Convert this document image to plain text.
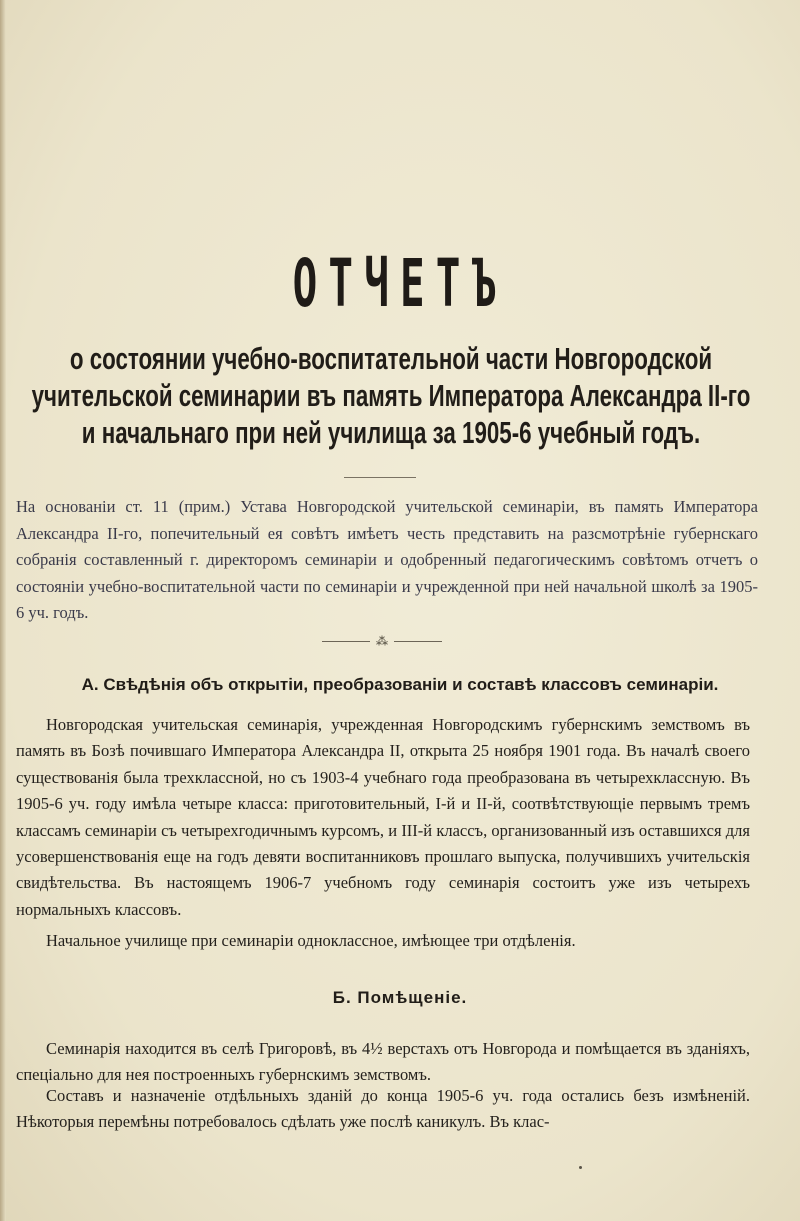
ОТЧЕТЪ
о состоянии учебно-воспитательной части Новгородской учительской семинарии въ память Императора Александра II-го и начальнаго при ней училища за 1905-6 учебный годъ.
На основаніи ст. 11 (прим.) Устава Новгородской учительской семинаріи, въ память Императора Александра II-го, попечительный ея совѣтъ имѣетъ честь представить на разсмотрѣніе губернскаго собранія составленный г. директоромъ семинаріи и одобренный педагогическимъ совѣтомъ отчетъ о состояніи учебно-воспитательной части по семинаріи и учрежденной при ней начальной школѣ за 1905-6 уч. годъ.
⁂
А. Свѣдѣнія объ открытіи, преобразованіи и составѣ классовъ семинаріи.
Новгородская учительская семинарія, учрежденная Новгородскимъ губернскимъ земствомъ въ память въ Бозѣ почившаго Императора Александра II, открыта 25 ноября 1901 года. Въ началѣ своего существованія была трехклассной, но съ 1903-4 учебнаго года преобразована въ четырехклассную. Въ 1905-6 уч. году имѣла четыре класса: приготовительный, I-й и II-й, соотвѣтствующіе первымъ тремъ классамъ семинаріи съ четырехгодичнымъ курсомъ, и III-й классъ, организованный изъ оставшихся для усовершенствованія еще на годъ девяти воспитанниковъ прошлаго выпуска, получившихъ учительскія свидѣтельства. Въ настоящемъ 1906-7 учебномъ году семинарія состоитъ уже изъ четырехъ нормальныхъ классовъ.
Начальное училище при семинаріи одноклассное, имѣющее три отдѣленія.
Б. Помѣщеніе.
Семинарія находится въ селѣ Григоровѣ, въ 4½ верстахъ отъ Новгорода и помѣщается въ зданіяхъ, спеціально для нея построенныхъ губернскимъ земствомъ.
Составъ и назначеніе отдѣльныхъ зданій до конца 1905-6 уч. года остались безъ измѣненій. Нѣкоторыя перемѣны потребовалось сдѣлать уже послѣ каникулъ. Въ клас-
